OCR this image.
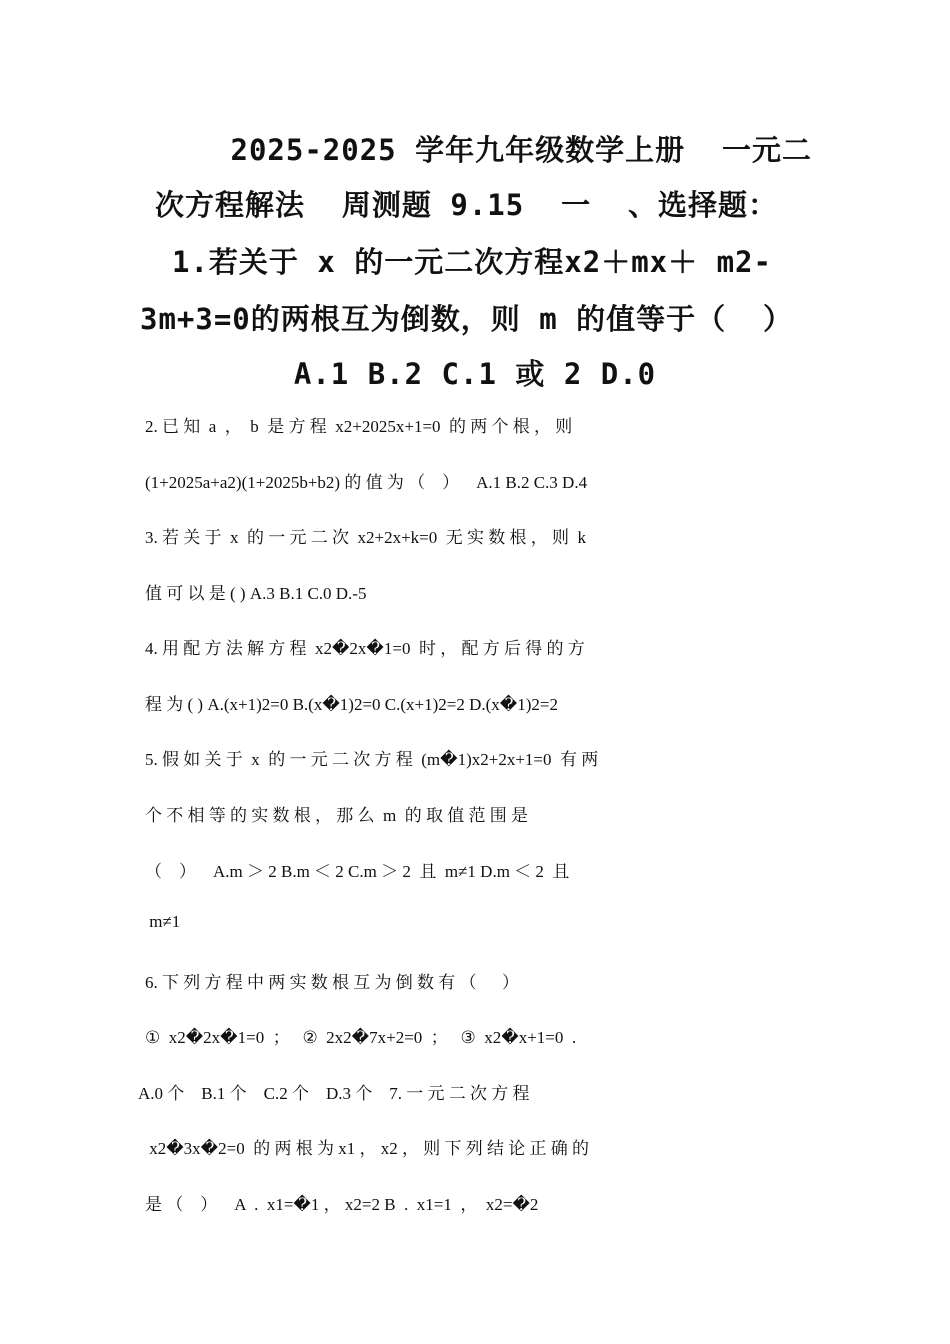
2025-2025 学年九年级数学上册  一元二
次方程解法  周测题 9.15  一  、选择题：
1.若关于 x 的一元二次方程x2＋mx＋ m2-
3m+3=0的两根互为倒数，则 m 的值等于（  ）
A.1 B.2 C.1 或 2 D.0
2. 已 知  a  ，  b  是 方 程  x2+2025x+1=0  的 两 个 根 ， 则
(1+2025a+a2)(1+2025b+b2) 的 值 为 （    ）    A.1 B.2 C.3 D.4
3. 若 关 于  x  的 一 元 二 次  x2+2x+k=0  无 实 数 根 ， 则  k
值 可 以 是 ( ) A.3 B.1 C.0 D.-5
4. 用 配 方 法 解 方 程  x2�2x�1=0  时 ， 配 方 后 得 的 方
程 为 ( ) A.(x+1)2=0 B.(x�1)2=0 C.(x+1)2=2 D.(x�1)2=2
5. 假 如 关 于  x  的 一 元 二 次 方 程  (m�1)x2+2x+1=0  有 两
个 不 相 等 的 实 数 根 ， 那 么  m  的 取 值 范 围 是
（    ）    A.m ＞ 2 B.m ＜ 2 C.m ＞ 2  且  m≠1 D.m ＜ 2  且
m≠1
6. 下 列 方 程 中 两 实 数 根 互 为 倒 数 有 （      ）
①  x2�2x�1=0  ；   ②  2x2�7x+2=0  ；   ③  x2�x+1=0  .
A.0 个    B.1 个    C.2 个    D.3 个    7. 一 元 二 次 方 程
x2�3x�2=0  的 两 根 为 x1 ， x2 ， 则 下 列 结 论 正 确 的
是 （    ）    A  .  x1=�1 ， x2=2 B  .  x1=1  ，  x2=�2
